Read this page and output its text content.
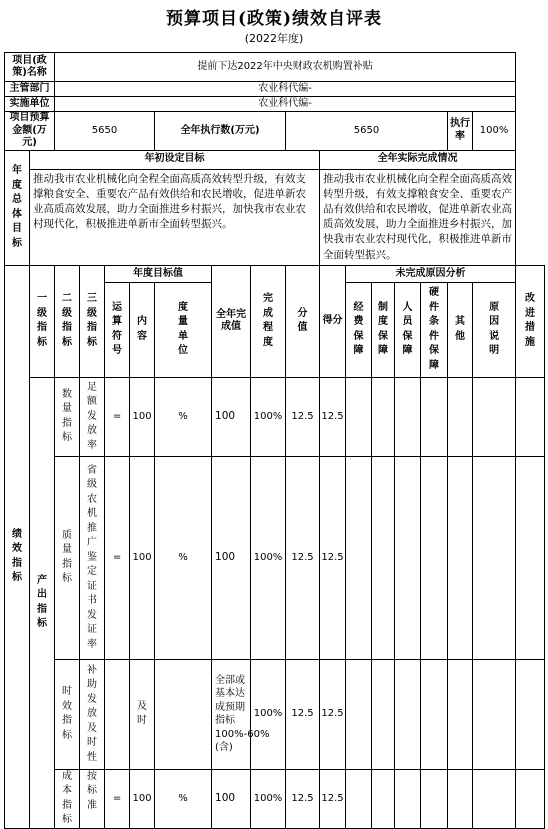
预算项目(政策)绩效自评表
(2022年度)
项目(政策)名称		提前下达2022年中央财政农机购置补贴															
主管部门		农业科代编-															
实施单位		农业科代编-															
项目预算金额(万元)		5650				全年执行数(万元)			5650						执行率	100%	

年度总体目标	年初设定目标									全年实际完成情况							
	推动我市农业机械化向全程全面高质高效转型升级，有效支撑粮食安全、重要农产品有效供给和农民增收，促进单新农业高质高效发展，助力全面推进乡村振兴，加快我市农业农村现代化，积极推进单新市全面转型振兴。									推动我市农业机械化向全程全面高质高效转型升级，有效支撑粮食安全、重要农产品有效供给和农民增收，促进单新农业高质高效发展，助力全面推进乡村振兴，加快我市农业农村现代化，积极推进单新市全面转型振兴。							

绩效指标	一级指标	二级指标	三级指标	年度目标值			全年完成值	完成程度	分值	得分	未完成原因分析						改进措施

				运算符号	内容	度量单位					经费保障	制度保障	人员保障	硬件条件保障	其他	原因说明	

	产出指标	数量指标	足额发放率	=	100	%	100	100%	12.5	12.5							

		质量指标	省级农机推广鉴定证书发证率	=	100	%	100	100%	12.5	12.5							

		时效指标	补助发放及时性		及时		全部或基本达成预期指标100%-60%(含)	100%	12.5	12.5							

		成本指标	按标准	=	100	%	100	100%	12.5	12.5							
